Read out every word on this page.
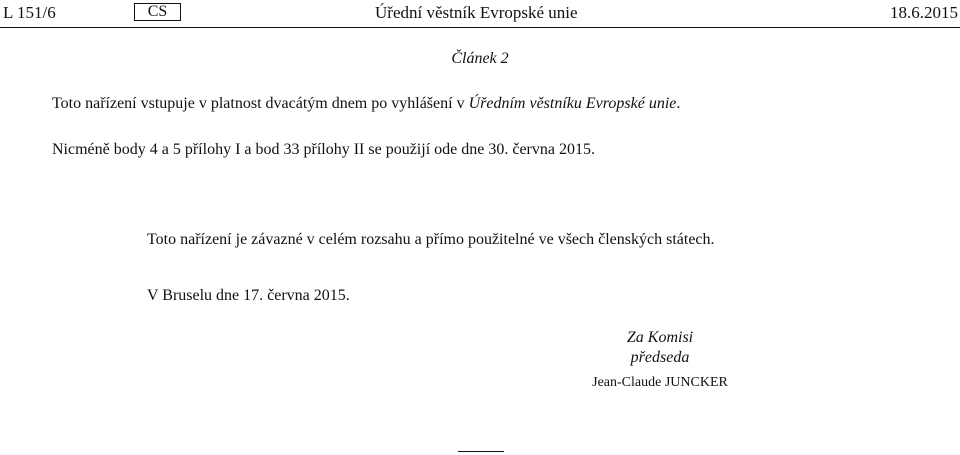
L 151/6	CS	Úřední věstník Evropské unie	18.6.2015
Článek 2
Toto nařízení vstupuje v platnost dvacátým dnem po vyhlášení v Úředním věstníku Evropské unie.
Nicméně body 4 a 5 přílohy I a bod 33 přílohy II se použijí ode dne 30. června 2015.
Toto nařízení je závazné v celém rozsahu a přímo použitelné ve všech členských státech.
V Bruselu dne 17. června 2015.
Za Komisi
předseda
Jean-Claude JUNCKER
